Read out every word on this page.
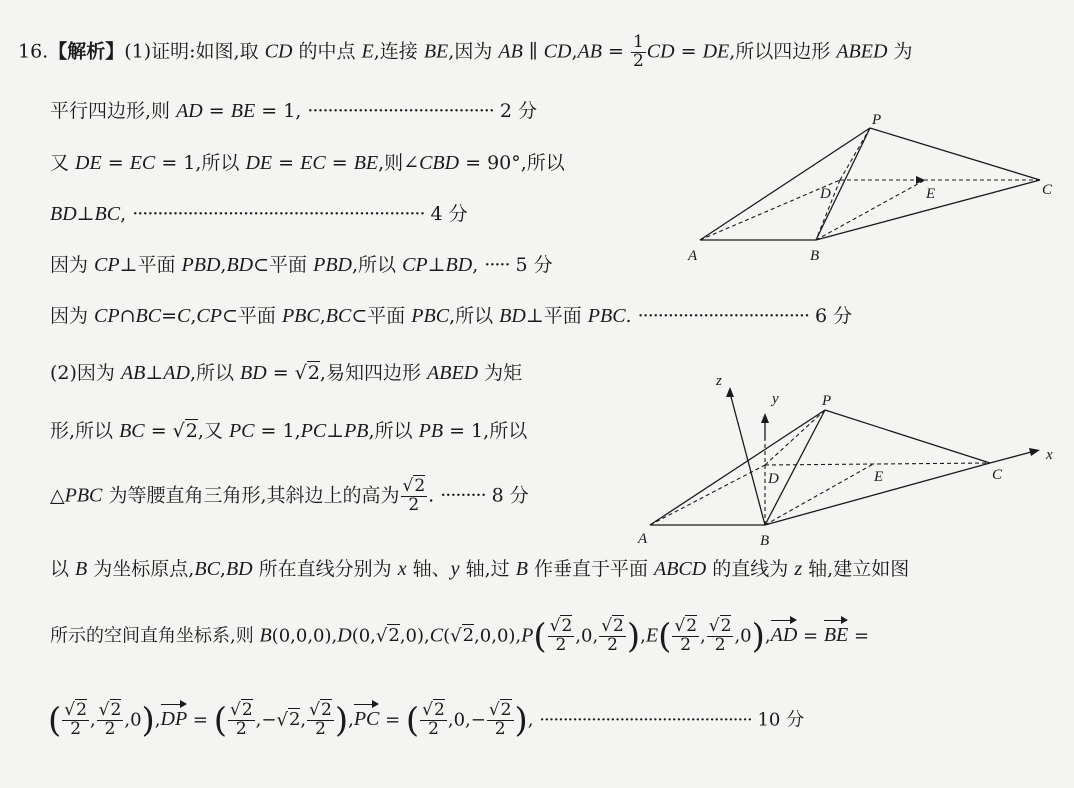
16.【解析】(1)证明:如图,取 CD 的中点 E,连接 BE,因为 AB ∥ $CD,AB = \frac{1}{2}$ CD = DE,所以四边形 ABED 为
平行四边形,则 AD = BE = 1, ····································· 2 分
又 DE = EC = 1,所以 DE = EC = BE,则∠CBD = 90°,所以
BD⊥BC, ·························································· 4 分
因为 CP⊥平面 PBD,BD⊂平面 PBD,所以 CP⊥BD, ····· 5 分
因为 CP∩BC=C,CP⊂平面 PBC,BC⊂平面 PBC,所以 BD⊥平面 PBC. ·································· 6 分
(2)因为 AB⊥AD,所以 BD = √2,易知四边形 ABED 为矩
形,所以 BC = √2,又 PC = 1,PC⊥PB,所以 PB = 1,所以
△PBC 为等腰直角三角形,其斜边上的高为 $\frac{√2}{2}$ . ········· 8 分
以 B 为坐标原点,BC,BD 所在直线分别为 x 轴、y 轴,过 B 作垂直于平面 ABCD 的直线为 z 轴,建立如图
所示的空间直角坐标系,则 $B(0,0,0),D(0,√2,0),C(√2,0,0),P( \frac{√2}{2} ,0$, $\frac{√2}{2} ),E( \frac{√2}{2}$ , $\frac{√2}{2} ,0),AD$ = BE =
( $\frac{√2}{2}$ , $\frac{√2}{2} ,0),DP$ = ( $\frac{√2}{2} ,-√2$, $\frac{√2}{2} ),PC$ = ( $\frac{√2}{2} ,0,- \frac{√2}{2}$ ), ············································· 10 分
P
D	E	C
A	B
z
y	P
x
D	E	C
A	B
